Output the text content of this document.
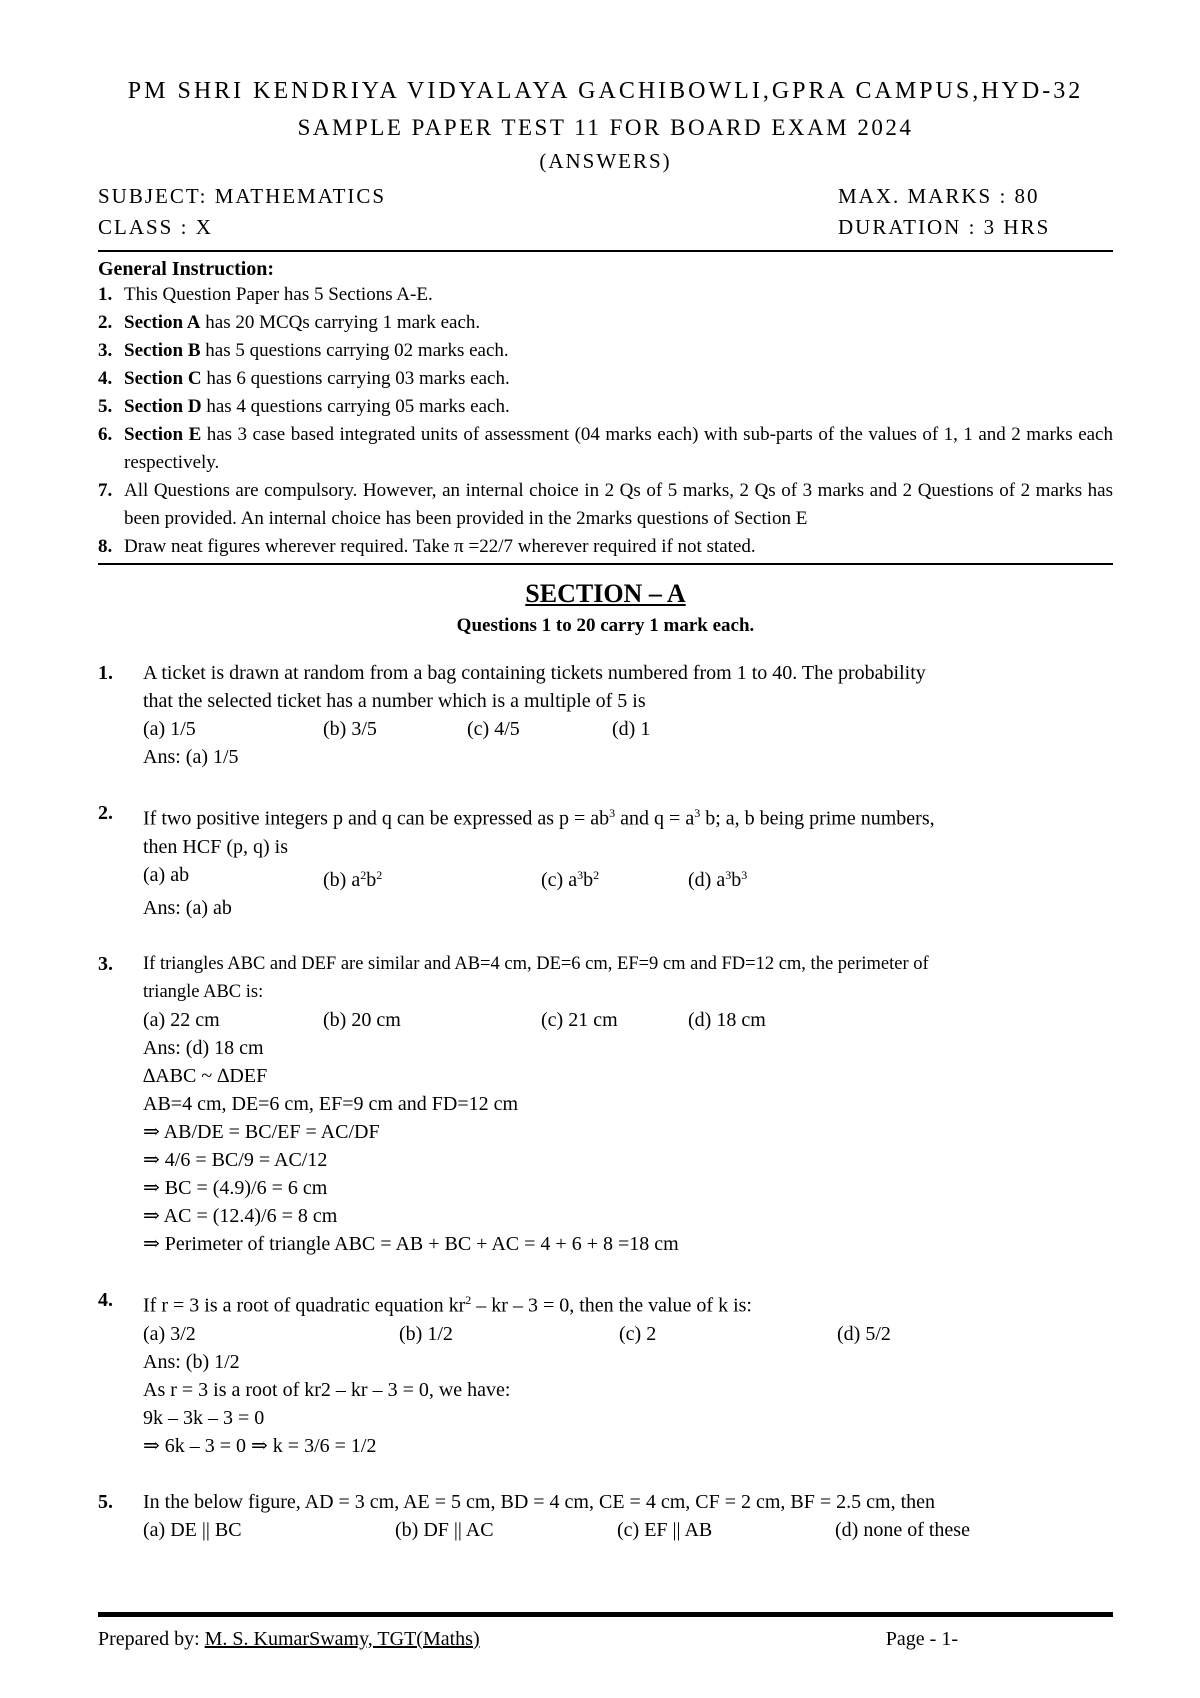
PM SHRI KENDRIYA VIDYALAYA GACHIBOWLI,GPRA CAMPUS,HYD-32
SAMPLE PAPER TEST 11 FOR BOARD EXAM 2024
(ANSWERS)
SUBJECT: MATHEMATICS	MAX. MARKS : 80
CLASS : X	DURATION : 3 HRS
General Instruction:
1. This Question Paper has 5 Sections A-E.
2. Section A has 20 MCQs carrying 1 mark each.
3. Section B has 5 questions carrying 02 marks each.
4. Section C has 6 questions carrying 03 marks each.
5. Section D has 4 questions carrying 05 marks each.
6. Section E has 3 case based integrated units of assessment (04 marks each) with sub-parts of the values of 1, 1 and 2 marks each respectively.
7. All Questions are compulsory. However, an internal choice in 2 Qs of 5 marks, 2 Qs of 3 marks and 2 Questions of 2 marks has been provided. An internal choice has been provided in the 2marks questions of Section E
8. Draw neat figures wherever required. Take π =22/7 wherever required if not stated.
SECTION – A
Questions 1 to 20 carry 1 mark each.
1.	A ticket is drawn at random from a bag containing tickets numbered from 1 to 40. The probability
that the selected ticket has a number which is a multiple of 5 is
(a) 1/5	(b) 3/5	(c) 4/5	(d) 1
Ans: (a) 1/5
2.	If two positive integers p and q can be expressed as $p = ab^3$ and $q = a^3$ b; a, b being prime numbers,
then HCF (p, q) is
(a) ab	(b) $a^2b^2$	(c) $a^3b^2$	(d) $a^3b^3$
Ans: (a) ab
3.	If triangles ABC and DEF are similar and AB=4 cm, DE=6 cm, EF=9 cm and FD=12 cm, the perimeter of
triangle ABC is:
(a) 22 cm	(b) 20 cm	(c) 21 cm	(d) 18 cm
Ans: (d) 18 cm
∆ABC ~ ∆DEF
AB=4 cm, DE=6 cm, EF=9 cm and FD=12 cm
⇒ AB/DE = BC/EF = AC/DF
⇒ 4/6 = BC/9 = AC/12
⇒ BC = (4.9)/6 = 6 cm
⇒ AC = (12.4)/6 = 8 cm
⇒ Perimeter of triangle ABC = AB + BC + AC = 4 + 6 + 8 =18 cm
4.	If r = 3 is a root of quadratic equation $kr^2$ – kr – 3 = 0, then the value of k is:
(a) 3/2	(b) 1/2	(c) 2	(d) 5/2
Ans: (b) 1/2
As r = 3 is a root of kr2 – kr – 3 = 0, we have:
9k – 3k – 3 = 0
⇒ 6k – 3 = 0 ⇒ k = 3/6 = 1/2
5.	In the below figure, AD = 3 cm, AE = 5 cm, BD = 4 cm, CE = 4 cm, CF = 2 cm, BF = 2.5 cm, then
(a) DE || BC	(b) DF || AC	(c) EF || AB	(d) none of these
Prepared by: M. S. KumarSwamy, TGT(Maths)	Page - 1-
